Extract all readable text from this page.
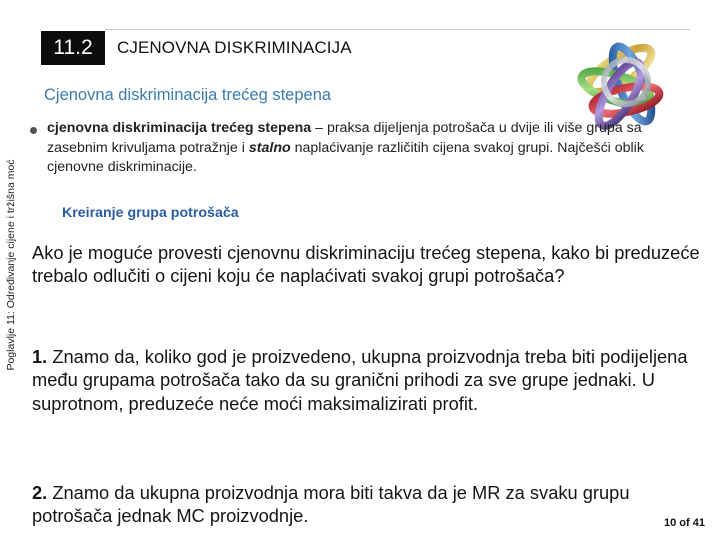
11.2	CJENOVNA DISKRIMINACIJA
Cjenovna diskriminacija trećeg stepena
Poglavlje 11: Određivanje cijene i tržišna moć
cjenovna diskriminacija trećeg stepena – praksa dijeljenja potrošača u dvije ili više grupa sa zasebnim krivuljama potražnje i stalno naplaćivanje različitih cijena svakoj grupi. Najčešći oblik cjenovne diskriminacije.
Kreiranje grupa potrošača
Ako je moguće provesti cjenovnu diskriminaciju trećeg stepena, kako bi preduzeće trebalo odlučiti o cijeni koju će naplaćivati svakoj grupi potrošača?
1. Znamo da, koliko god je proizvedeno, ukupna proizvodnja treba biti podijeljena među grupama potrošača tako da su granični prihodi za sve grupe jednaki. U suprotnom, preduzeće neće moći maksimalizirati profit.
2. Znamo da ukupna proizvodnja mora biti takva da je MR za svaku grupu potrošača jednak MC proizvodnje.	10 of 41
